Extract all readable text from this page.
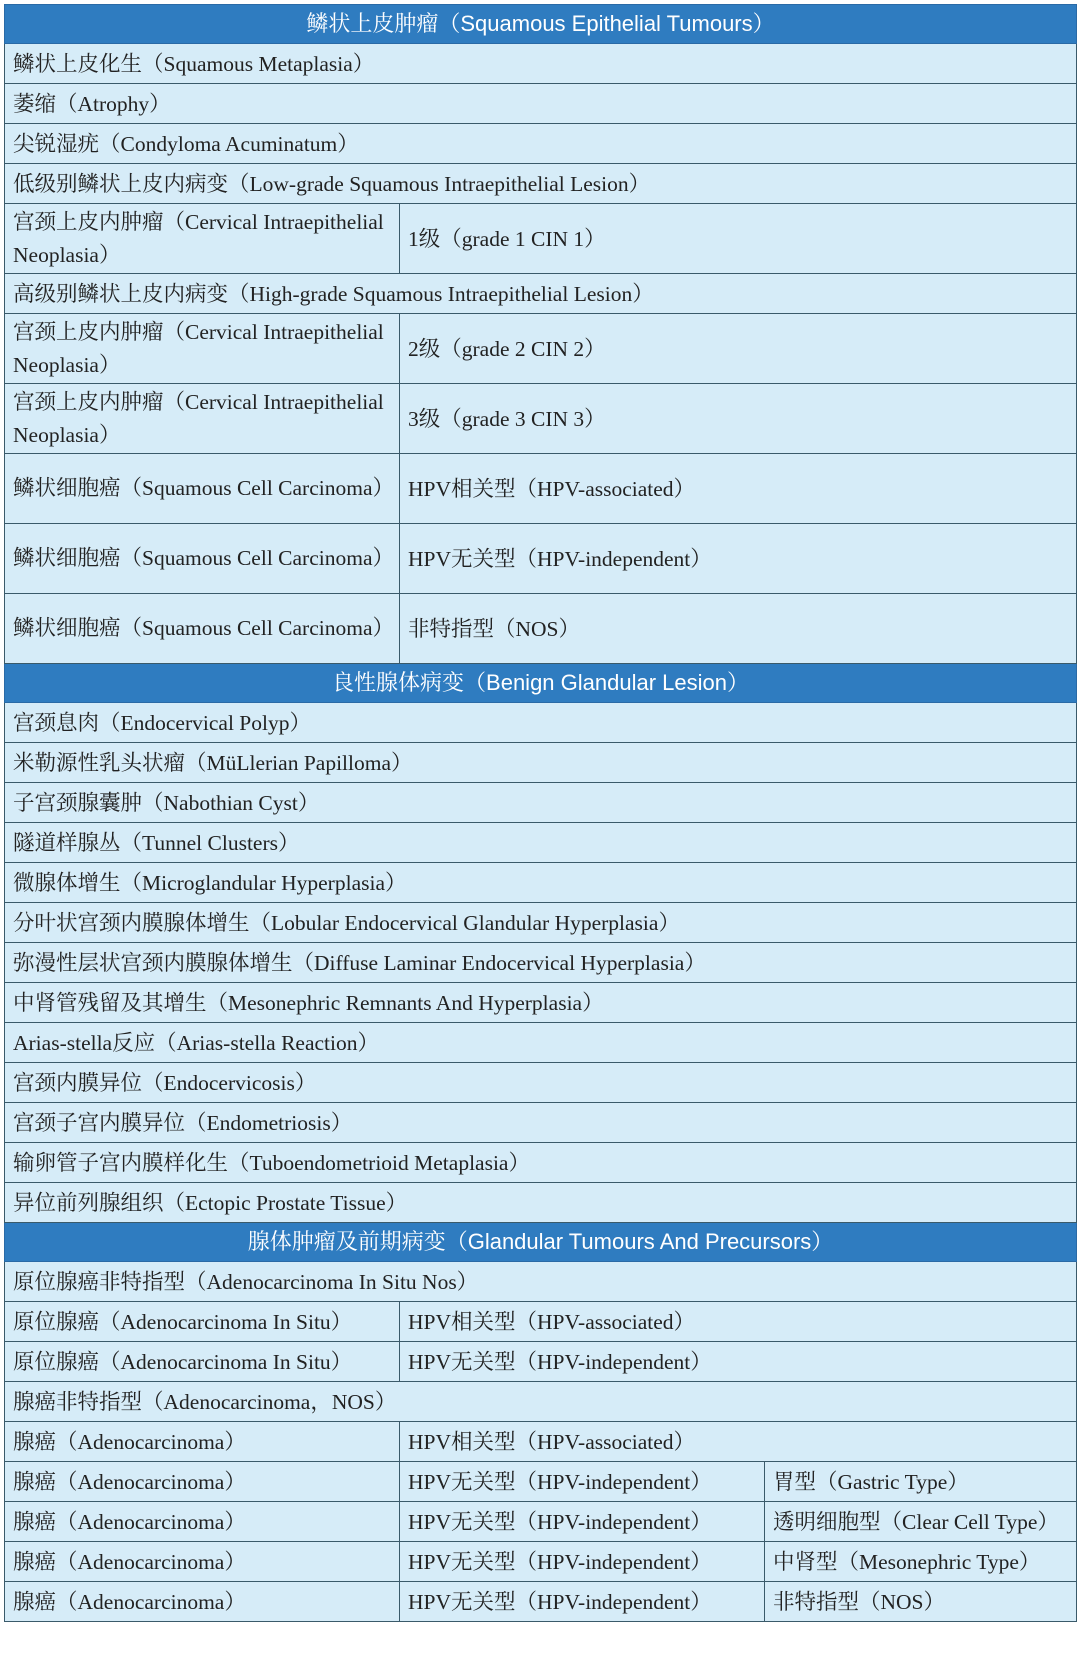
鳞状上皮肿瘤（Squamous Epithelial Tumours）		
鳞状上皮化生（Squamous Metaplasia）		
萎缩（Atrophy）		
尖锐湿疣（Condyloma Acuminatum）		
低级别鳞状上皮内病变（Low-grade Squamous Intraepithelial Lesion）		
宫颈上皮内肿瘤（Cervical Intraepithelial Neoplasia）	1级（grade 1 CIN 1）	
高级别鳞状上皮内病变（High-grade Squamous Intraepithelial Lesion）		
宫颈上皮内肿瘤（Cervical Intraepithelial Neoplasia）	2级（grade 2 CIN 2）	
宫颈上皮内肿瘤（Cervical Intraepithelial Neoplasia）	3级（grade 3 CIN 3）	
鳞状细胞癌（Squamous Cell Carcinoma）	HPV相关型（HPV-associated）	
鳞状细胞癌（Squamous Cell Carcinoma）	HPV无关型（HPV-independent）	
鳞状细胞癌（Squamous Cell Carcinoma）	非特指型（NOS）	
良性腺体病变（Benign Glandular Lesion）		
宫颈息肉（Endocervical Polyp）		
米勒源性乳头状瘤（MüLlerian Papilloma）		
子宫颈腺囊肿（Nabothian Cyst）		
隧道样腺丛（Tunnel Clusters）		
微腺体增生（Microglandular Hyperplasia）		
分叶状宫颈内膜腺体增生（Lobular Endocervical Glandular Hyperplasia）		
弥漫性层状宫颈内膜腺体增生（Diffuse Laminar Endocervical Hyperplasia）		
中肾管残留及其增生（Mesonephric Remnants And Hyperplasia）		
Arias-stella反应（Arias-stella Reaction）		
宫颈内膜异位（Endocervicosis）		
宫颈子宫内膜异位（Endometriosis）		
输卵管子宫内膜样化生（Tuboendometrioid Metaplasia）		
异位前列腺组织（Ectopic Prostate Tissue）		
腺体肿瘤及前期病变（Glandular Tumours And Precursors）		
原位腺癌非特指型（Adenocarcinoma In Situ Nos）		
原位腺癌（Adenocarcinoma In Situ）	HPV相关型（HPV-associated）	
原位腺癌（Adenocarcinoma In Situ）	HPV无关型（HPV-independent）	
腺癌非特指型（Adenocarcinoma，NOS）		
腺癌（Adenocarcinoma）	HPV相关型（HPV-associated）	
腺癌（Adenocarcinoma）	HPV无关型（HPV-independent）	胃型（Gastric Type）
腺癌（Adenocarcinoma）	HPV无关型（HPV-independent）	透明细胞型（Clear Cell Type）
腺癌（Adenocarcinoma）	HPV无关型（HPV-independent）	中肾型（Mesonephric Type）
腺癌（Adenocarcinoma）	HPV无关型（HPV-independent）	非特指型（NOS）
